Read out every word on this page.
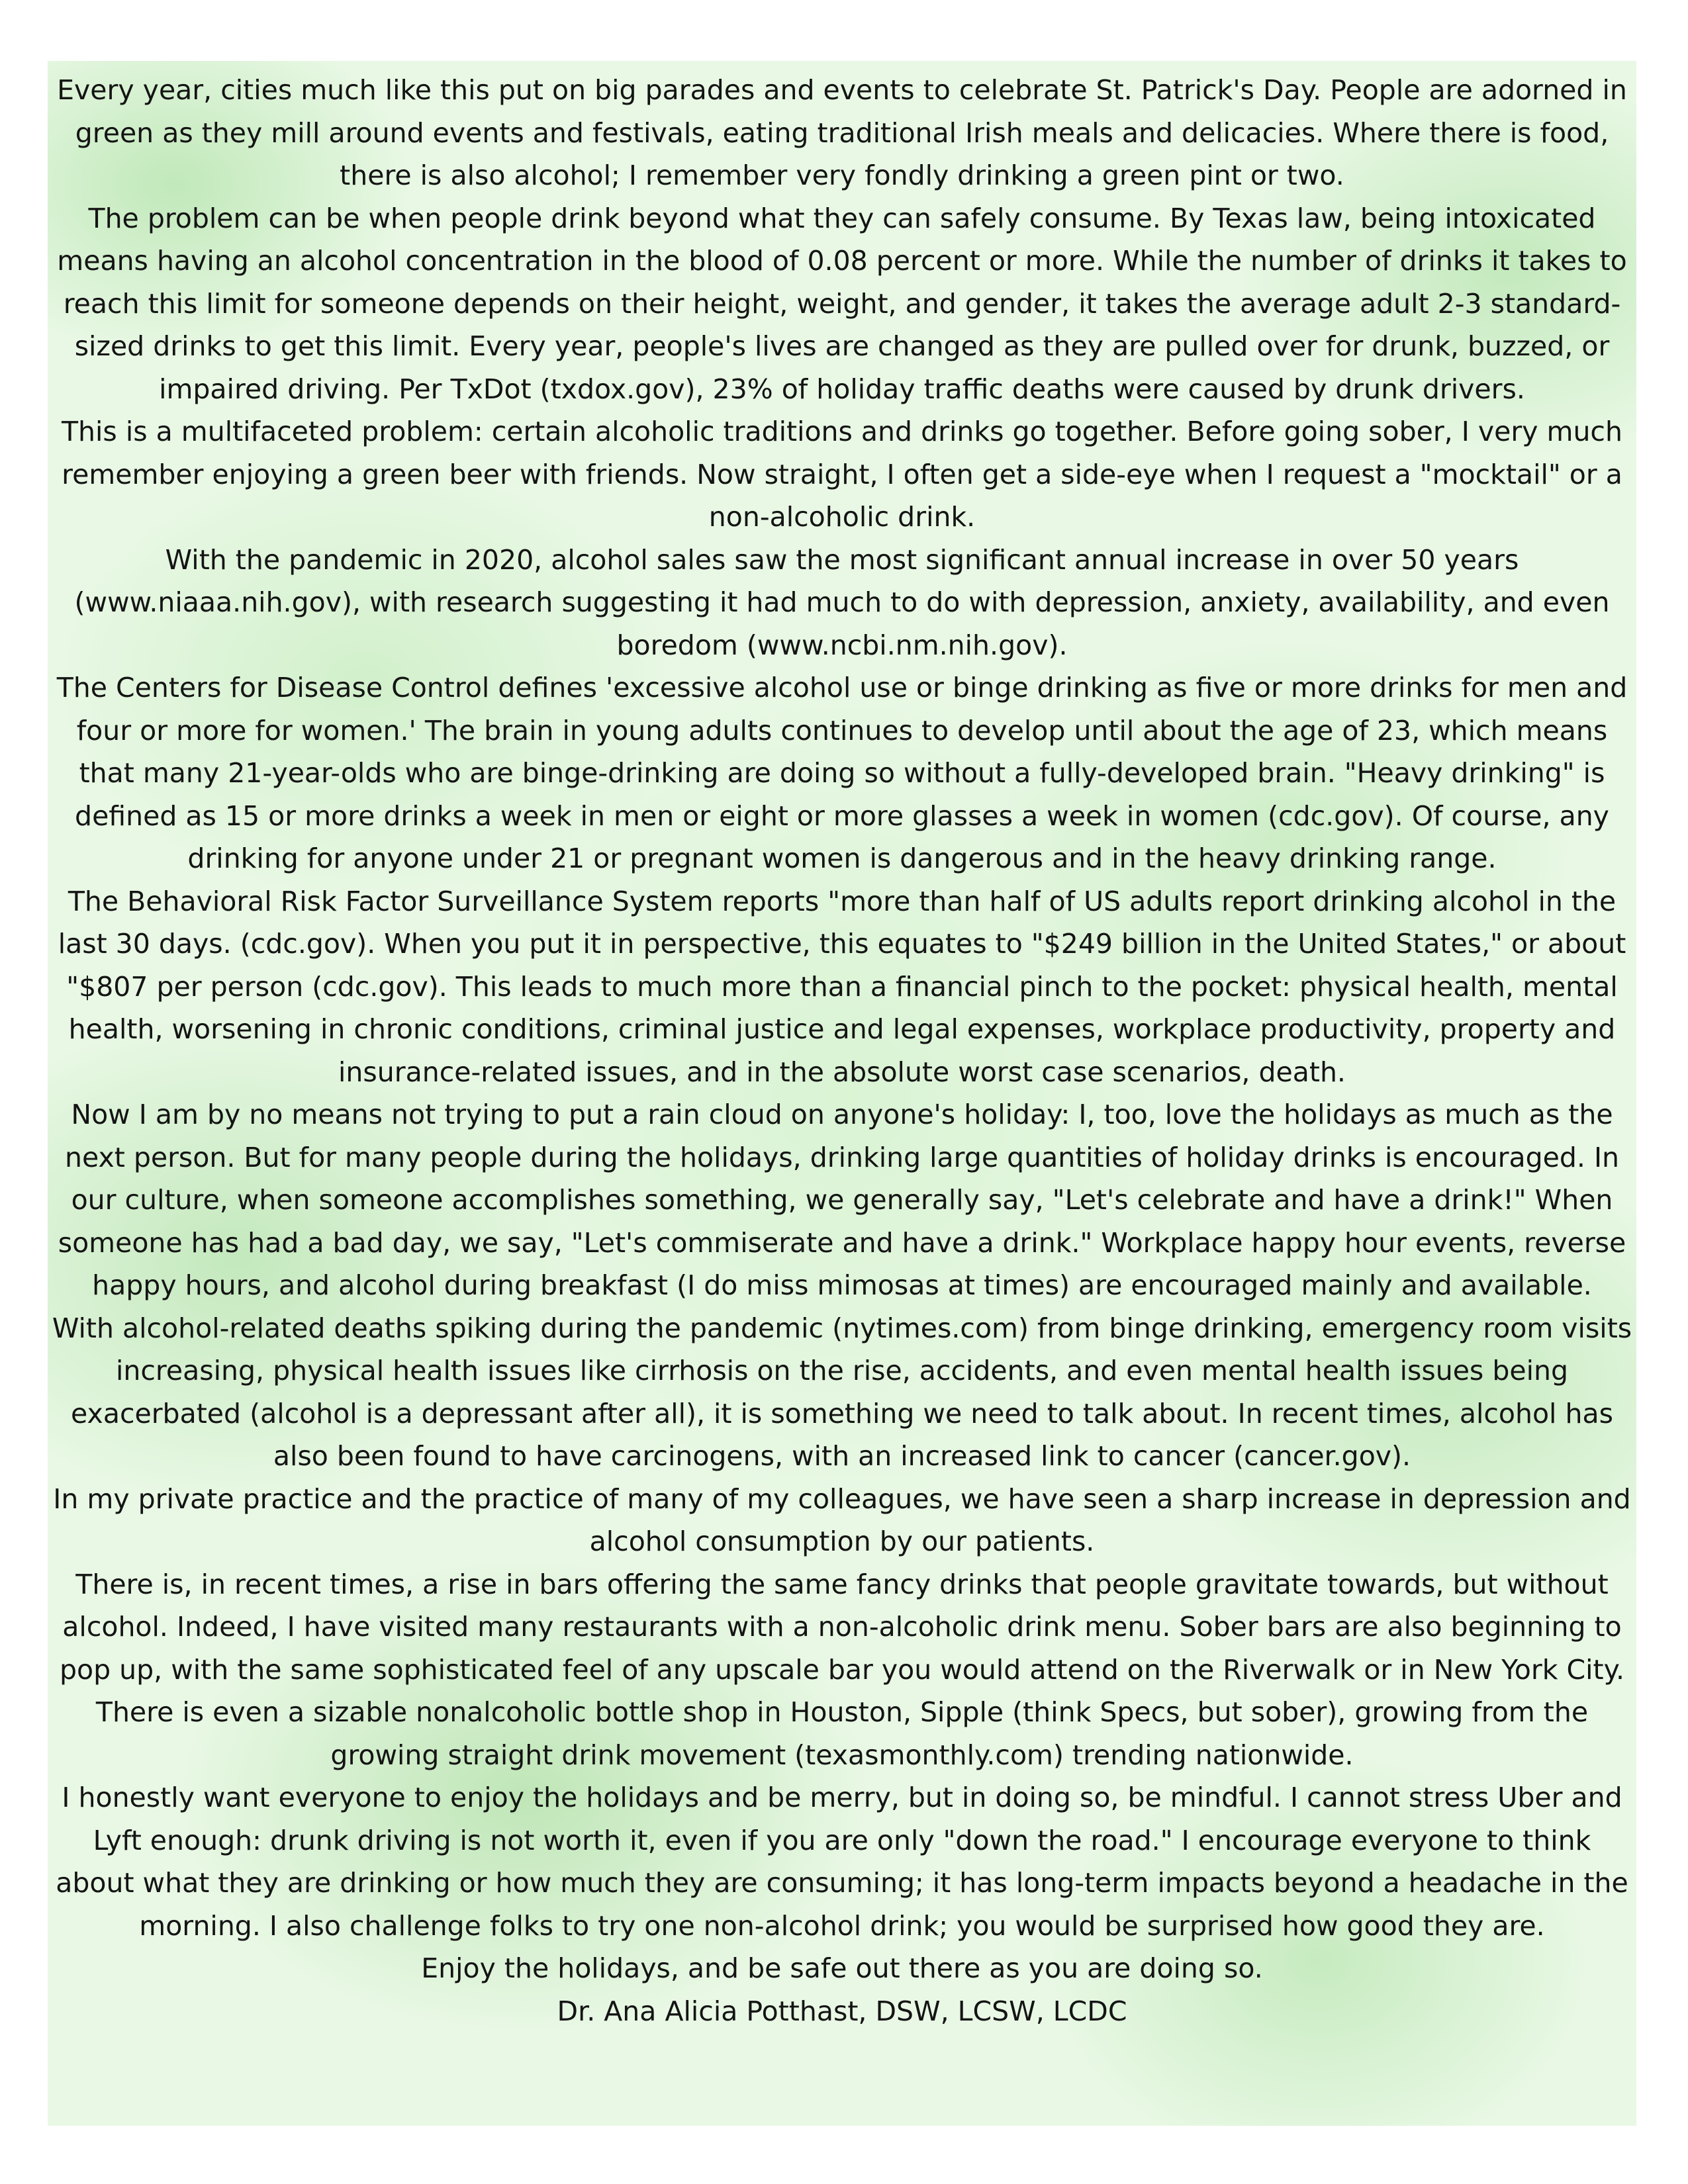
Every year, cities much like this put on big parades and events to celebrate St. Patrick's Day. People are adorned in green as they mill around events and festivals, eating traditional Irish meals and delicacies. Where there is food, there is also alcohol; I remember very fondly drinking a green pint or two.

The problem can be when people drink beyond what they can safely consume. By Texas law, being intoxicated means having an alcohol concentration in the blood of 0.08 percent or more. While the number of drinks it takes to reach this limit for someone depends on their height, weight, and gender, it takes the average adult 2-3 standard-sized drinks to get this limit. Every year, people's lives are changed as they are pulled over for drunk, buzzed, or impaired driving. Per TxDot (txdox.gov), 23% of holiday traffic deaths were caused by drunk drivers.

This is a multifaceted problem: certain alcoholic traditions and drinks go together. Before going sober, I very much remember enjoying a green beer with friends. Now straight, I often get a side-eye when I request a "mocktail" or a non-alcoholic drink.

With the pandemic in 2020, alcohol sales saw the most significant annual increase in over 50 years (www.niaaa.nih.gov), with research suggesting it had much to do with depression, anxiety, availability, and even boredom (www.ncbi.nm.nih.gov).

The Centers for Disease Control defines 'excessive alcohol use or binge drinking as five or more drinks for men and four or more for women.' The brain in young adults continues to develop until about the age of 23, which means that many 21-year-olds who are binge-drinking are doing so without a fully-developed brain. "Heavy drinking" is defined as 15 or more drinks a week in men or eight or more glasses a week in women (cdc.gov). Of course, any drinking for anyone under 21 or pregnant women is dangerous and in the heavy drinking range.

The Behavioral Risk Factor Surveillance System reports "more than half of US adults report drinking alcohol in the last 30 days. (cdc.gov). When you put it in perspective, this equates to "$249 billion in the United States," or about "$807 per person (cdc.gov). This leads to much more than a financial pinch to the pocket: physical health, mental health, worsening in chronic conditions, criminal justice and legal expenses, workplace productivity, property and insurance-related issues, and in the absolute worst case scenarios, death.

Now I am by no means not trying to put a rain cloud on anyone's holiday: I, too, love the holidays as much as the next person. But for many people during the holidays, drinking large quantities of holiday drinks is encouraged. In our culture, when someone accomplishes something, we generally say, "Let's celebrate and have a drink!" When someone has had a bad day, we say, "Let's commiserate and have a drink." Workplace happy hour events, reverse happy hours, and alcohol during breakfast (I do miss mimosas at times) are encouraged mainly and available.

With alcohol-related deaths spiking during the pandemic (nytimes.com) from binge drinking, emergency room visits increasing, physical health issues like cirrhosis on the rise, accidents, and even mental health issues being exacerbated (alcohol is a depressant after all), it is something we need to talk about. In recent times, alcohol has also been found to have carcinogens, with an increased link to cancer (cancer.gov).

In my private practice and the practice of many of my colleagues, we have seen a sharp increase in depression and alcohol consumption by our patients.

There is, in recent times, a rise in bars offering the same fancy drinks that people gravitate towards, but without alcohol. Indeed, I have visited many restaurants with a non-alcoholic drink menu. Sober bars are also beginning to pop up, with the same sophisticated feel of any upscale bar you would attend on the Riverwalk or in New York City. There is even a sizable nonalcoholic bottle shop in Houston, Sipple (think Specs, but sober), growing from the growing straight drink movement (texasmonthly.com) trending nationwide.

I honestly want everyone to enjoy the holidays and be merry, but in doing so, be mindful. I cannot stress Uber and Lyft enough: drunk driving is not worth it, even if you are only "down the road." I encourage everyone to think about what they are drinking or how much they are consuming; it has long-term impacts beyond a headache in the morning. I also challenge folks to try one non-alcohol drink; you would be surprised how good they are.

Enjoy the holidays, and be safe out there as you are doing so.

Dr. Ana Alicia Potthast, DSW, LCSW, LCDC
